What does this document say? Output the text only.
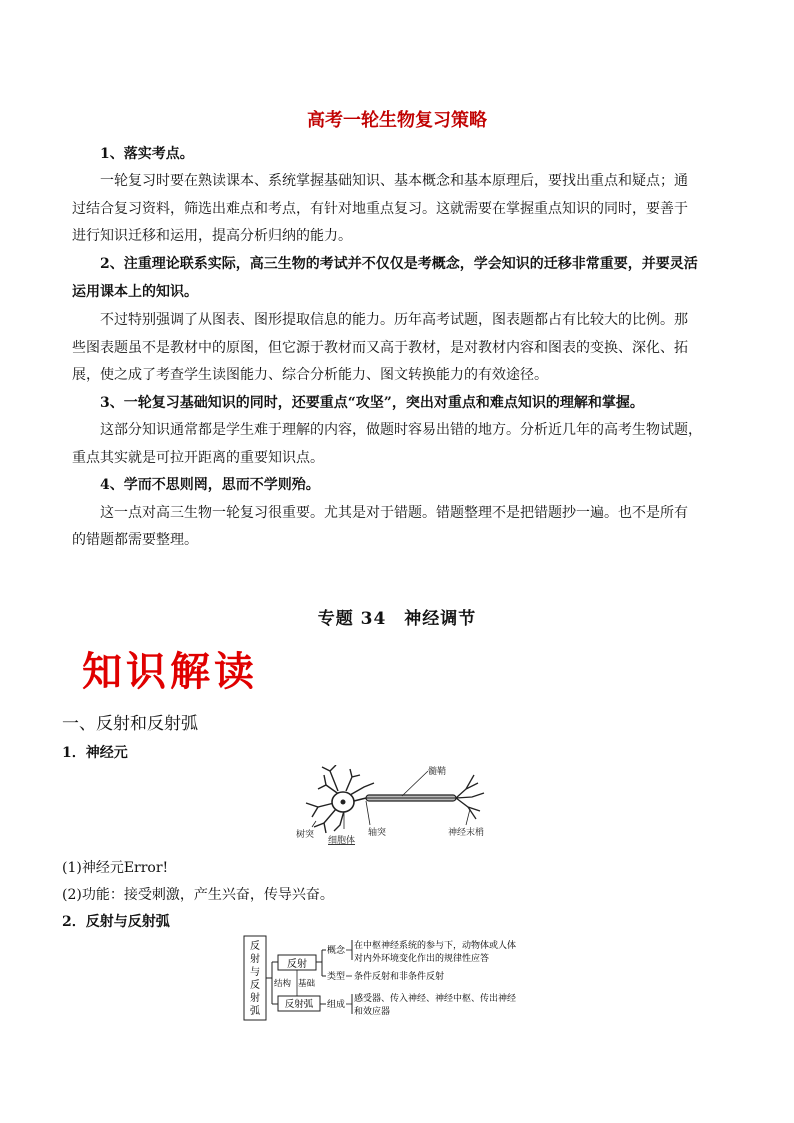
高考一轮生物复习策略
1、落实考点。
一轮复习时要在熟读课本、系统掌握基础知识、基本概念和基本原理后，要找出重点和疑点；通
过结合复习资料，筛选出难点和考点，有针对地重点复习。这就需要在掌握重点知识的同时，要善于
进行知识迁移和运用，提高分析归纳的能力。
2、注重理论联系实际，高三生物的考试并不仅仅是考概念，学会知识的迁移非常重要，并要灵活
运用课本上的知识。
不过特别强调了从图表、图形提取信息的能力。历年高考试题，图表题都占有比较大的比例。那
些图表题虽不是教材中的原图，但它源于教材而又高于教材，是对教材内容和图表的变换、深化、拓
展，使之成了考查学生读图能力、综合分析能力、图文转换能力的有效途径。
3、一轮复习基础知识的同时，还要重点“攻坚”，突出对重点和难点知识的理解和掌握。
这部分知识通常都是学生难于理解的内容，做题时容易出错的地方。分析近几年的高考生物试题，
重点其实就是可拉开距离的重要知识点。
4、学而不思则罔，思而不学则殆。
这一点对高三生物一轮复习很重要。尤其是对于错题。错题整理不是把错题抄一遍。也不是所有
的错题都需要整理。
专题 34　神经调节
知识解读
一、反射和反射弧
1．神经元
髓鞘
树突
细胞体
轴突	神经末梢
(1)神经元Error!
(2)功能：接受刺激，产生兴奋，传导兴奋。
2．反射与反射弧
反
射
与
反
射
弧
反射
反射弧
结构 基础
概念 在中枢神经系统的参与下，动物体或人体
对内外环境变化作出的规律性应答
类型 条件反射和非条件反射
组成
感受器、传入神经、神经中枢、传出神经
和效应器
